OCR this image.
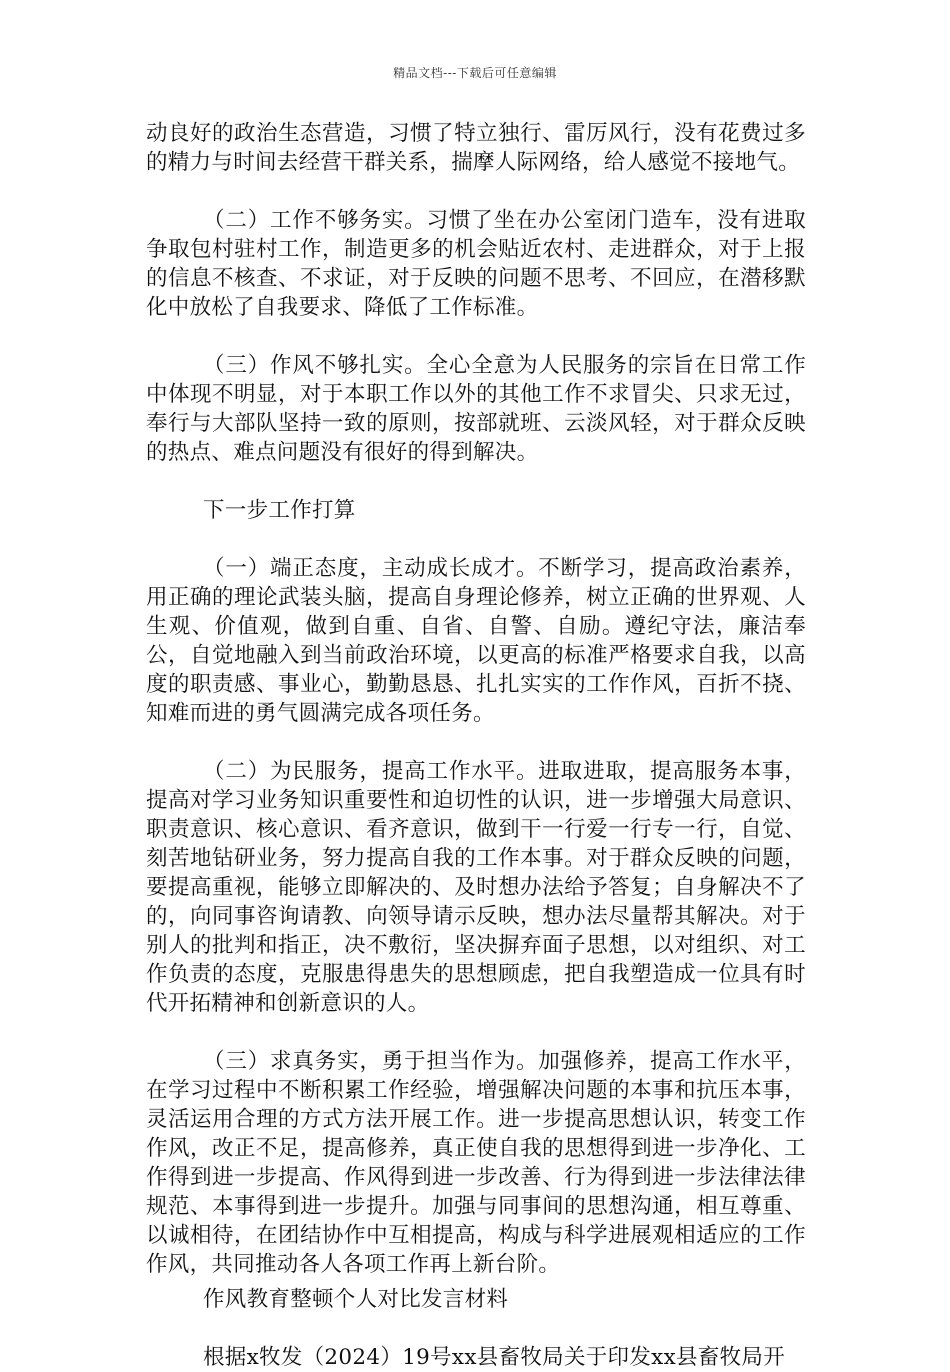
精品文档---下载后可任意编辑

动良好的政治生态营造，习惯了特立独行、雷厉风行，没有花费过多的精力与时间去经营干群关系，揣摩人际网络，给人感觉不接地气。

（二）工作不够务实。习惯了坐在办公室闭门造车，没有进取争取包村驻村工作，制造更多的机会贴近农村、走进群众，对于上报的信息不核查、不求证，对于反映的问题不思考、不回应，在潜移默化中放松了自我要求、降低了工作标准。

（三）作风不够扎实。全心全意为人民服务的宗旨在日常工作中体现不明显，对于本职工作以外的其他工作不求冒尖、只求无过，奉行与大部队坚持一致的原则，按部就班、云淡风轻，对于群众反映的热点、难点问题没有很好的得到解决。

下一步工作打算

（一）端正态度，主动成长成才。不断学习，提高政治素养，用正确的理论武装头脑，提高自身理论修养，树立正确的世界观、人生观、价值观，做到自重、自省、自警、自励。遵纪守法，廉洁奉公，自觉地融入到当前政治环境，以更高的标准严格要求自我，以高度的职责感、事业心，勤勤恳恳、扎扎实实的工作作风，百折不挠、知难而进的勇气圆满完成各项任务。

（二）为民服务，提高工作水平。进取进取，提高服务本事，提高对学习业务知识重要性和迫切性的认识，进一步增强大局意识、职责意识、核心意识、看齐意识，做到干一行爱一行专一行，自觉、刻苦地钻研业务，努力提高自我的工作本事。对于群众反映的问题，要提高重视，能够立即解决的、及时想办法给予答复；自身解决不了的，向同事咨询请教、向领导请示反映，想办法尽量帮其解决。对于别人的批判和指正，决不敷衍，坚决摒弃面子思想，以对组织、对工作负责的态度，克服患得患失的思想顾虑，把自我塑造成一位具有时代开拓精神和创新意识的人。

（三）求真务实，勇于担当作为。加强修养，提高工作水平，在学习过程中不断积累工作经验，增强解决问题的本事和抗压本事，灵活运用合理的方式方法开展工作。进一步提高思想认识，转变工作作风，改正不足，提高修养，真正使自我的思想得到进一步净化、工作得到进一步提高、作风得到进一步改善、行为得到进一步法律法律规范、本事得到进一步提升。加强与同事间的思想沟通，相互尊重、以诚相待，在团结协作中互相提高，构成与科学进展观相适应的工作作风，共同推动各人各项工作再上新台阶。

作风教育整顿个人对比发言材料

根据x牧发（2024）19号xx县畜牧局关于印发xx县畜牧局开
